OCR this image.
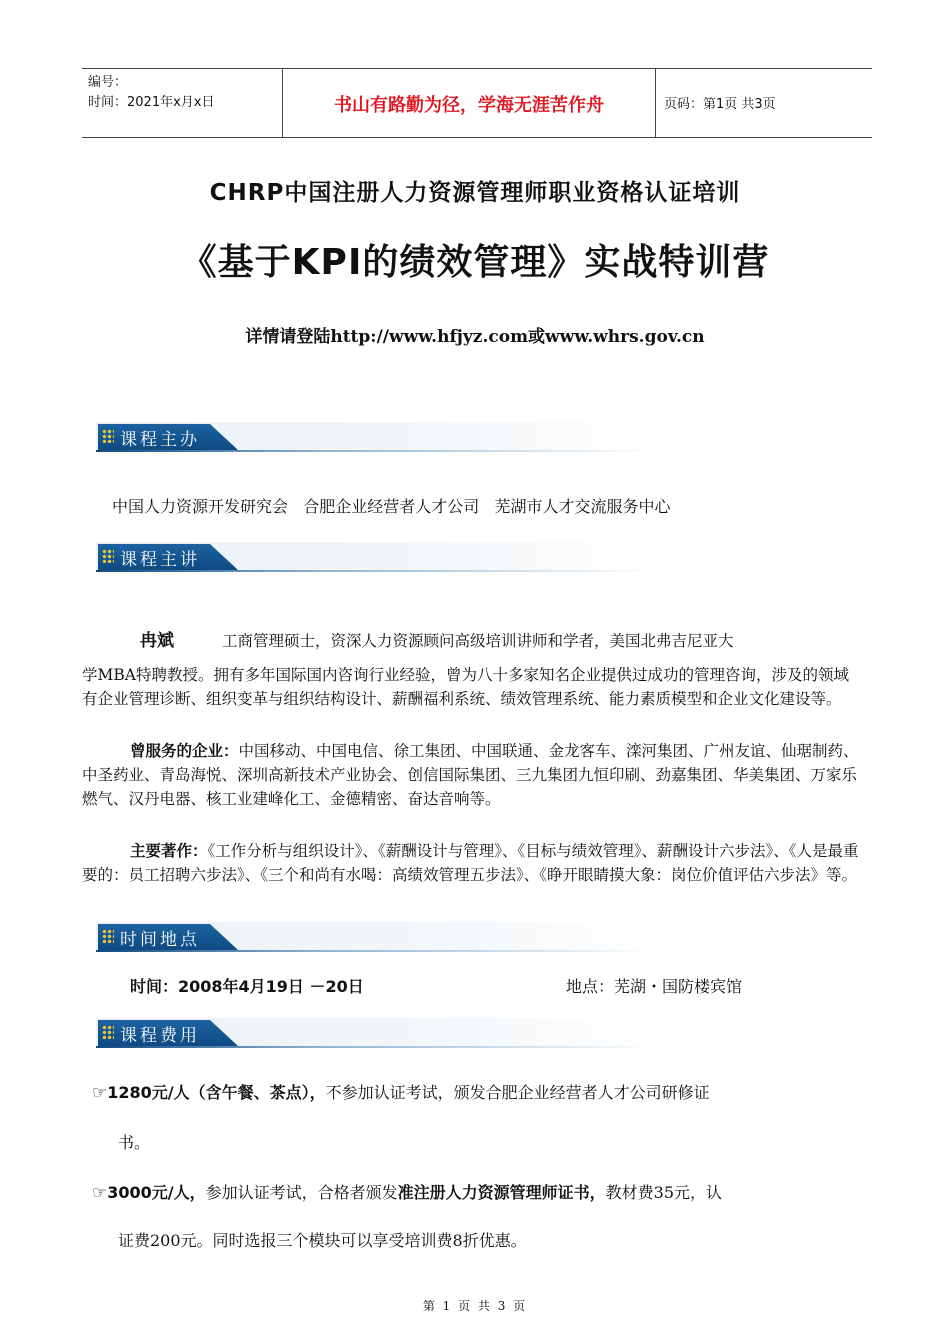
编号：
时间：2021年x月x日	书山有路勤为径，学海无涯苦作舟	页码：第1页 共3页
CHRP中国注册人力资源管理师职业资格认证培训
《基于KPI的绩效管理》实战特训营
详情请登陆http://www.hfjyz.com或www.whrs.gov.cn
课程主办
中国人力资源开发研究会   合肥企业经营者人才公司   芜湖市人才交流服务中心
课程主讲
冉斌	工商管理硕士，资深人力资源顾问高级培训讲师和学者，美国北弗吉尼亚大
学MBA特聘教授。拥有多年国际国内咨询行业经验，曾为八十多家知名企业提供过成功的管理咨询，涉及的领域有企业管理诊断、组织变革与组织结构设计、薪酬福利系统、绩效管理系统、能力素质模型和企业文化建设等。
曾服务的企业：中国移动、中国电信、徐工集团、中国联通、金龙客车、滦河集团、广州友谊、仙琚制药、中圣药业、青岛海悦、深圳高新技术产业协会、创信国际集团、三九集团九恒印刷、劲嘉集团、华美集团、万家乐燃气、汉丹电器、核工业建峰化工、金德精密、奋达音响等。
主要著作：《工作分析与组织设计》、《薪酬设计与管理》、《目标与绩效管理》、薪酬设计六步法》、《人是最重要的：员工招聘六步法》、《三个和尚有水喝：高绩效管理五步法》、《睁开眼睛摸大象：岗位价值评估六步法》等。
时间地点
时间：2008年4月19日 －20日	地点：芜湖・国防楼宾馆
课程费用
☞1280元/人（含午餐、茶点），不参加认证考试，颁发合肥企业经营者人才公司研修证
书。
☞3000元/人，参加认证考试，合格者颁发准注册人力资源管理师证书，教材费35元，认
证费200元。同时选报三个模块可以享受培训费8折优惠。
第 1 页 共 3 页
